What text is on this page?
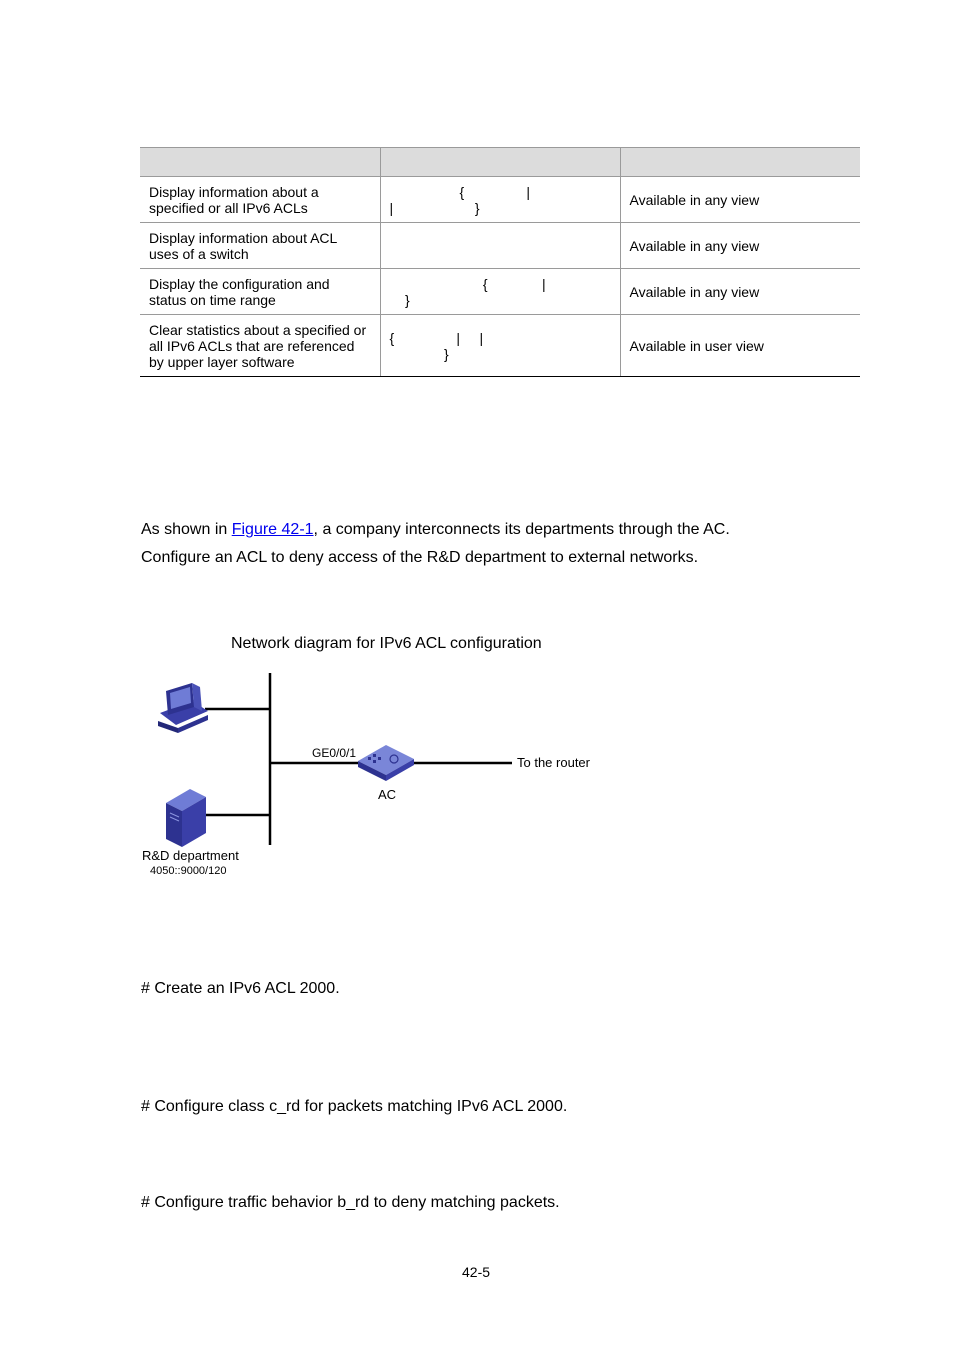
Display information about a
specified or all IPv6 ACLs	{                |
|                     }	Available in any view
Display information about ACL
uses of a switch		Available in any view
Display the configuration and
status on time range	{              |
}	Available in any view
Clear statistics about a specified or
all IPv6 ACLs that are referenced
by upper layer software	{                |     |
}	Available in user view
As shown in Figure 42-1, a company interconnects its departments through the AC.
Configure an ACL to deny access of the R&D department to external networks.
Network diagram for IPv6 ACL configuration
GE0/0/1
AC
To the router
R&D department
4050::9000/120
# Create an IPv6 ACL 2000.
# Configure class c_rd for packets matching IPv6 ACL 2000.
# Configure traffic behavior b_rd to deny matching packets.
42-5
